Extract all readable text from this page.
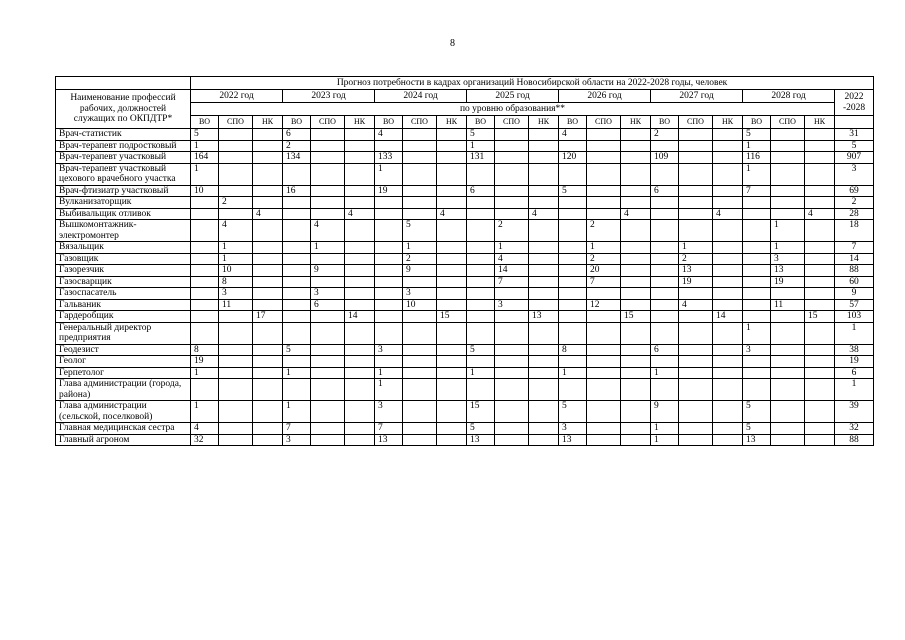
8
	Прогноз потребности в кадрах организаций Новосибирской области на 2022-2028 годы, человек																					
Наименование профессий рабочих, должностей служащих по ОКПДТР*	2022 год			2023 год			2024 год			2025 год			2026 год			2027 год			2028 год			2022 -2028
	по уровню образования**																					
	ВО	СПО	НК	ВО	СПО	НК	ВО	СПО	НК	ВО	СПО	НК	ВО	СПО	НК	ВО	СПО	НК	ВО	СПО	НК	
Врач-статистик	5			6			4			5			4			2			5			31
Врач-терапевт подростковый	1			2						1									1			5
Врач-терапевт участковый	164			134			133			131			120			109			116			907
Врач-терапевт участковый цехового врачебного участка	1						1												1			3
Врач-фтизиатр участковый	10			16			19			6			5			6			7			69
Вулканизаторщик		2																				2
Выбивальщик отливок			4			4			4			4			4			4			4	28
Вышкомонтажник-электромонтер		4			4			5			2			2						1		18
Вязальщик		1			1			1			1			1			1			1		7
Газовщик		1						2			4			2			2			3		14
Газорезчик		10			9			9			14			20			13			13		88
Газосварщик		8									7			7			19			19		60
Газоспасатель		3			3			3														9
Гальваник		11			6			10			3			12			4			11		57
Гардеробщик			17			14			15			13			15			14			15	103
Генеральный директор предприятия																			1			1
Геодезист	8			5			3			5			8			6			3			38
Геолог	19																					19
Герпетолог	1			1			1			1			1			1						6
Глава администрации (города, района)							1															1
Глава администрации (сельской, поселковой)	1			1			3			15			5			9			5			39
Главная медицинская сестра	4			7			7			5			3			1			5			32
Главный агроном	32			3			13			13			13			1			13			88
